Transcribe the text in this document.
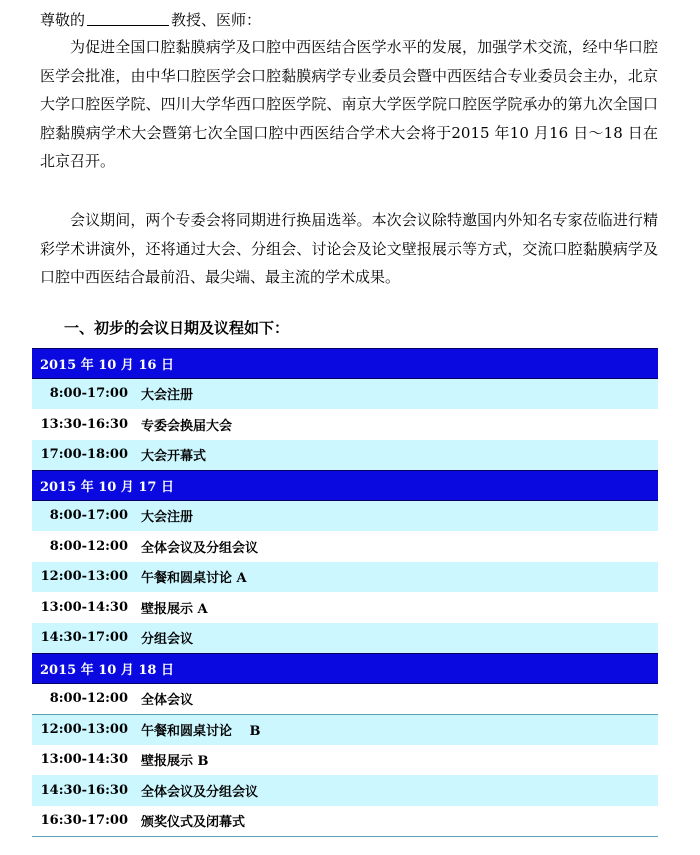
尊敬的	教授、医师：

为促进全国口腔黏膜病学及口腔中西医结合医学水平的发展，加强学术交流，经中华口腔医学会批准，由中华口腔医学会口腔黏膜病学专业委员会暨中西医结合专业委员会主办，北京大学口腔医学院、四川大学华西口腔医学院、南京大学医学院口腔医学院承办的第九次全国口腔黏膜病学术大会暨第七次全国口腔中西医结合学术大会将于2015 年10 月16 日～18 日在北京召开。

会议期间，两个专委会将同期进行换届选举。本次会议除特邀国内外知名专家莅临进行精彩学术讲演外，还将通过大会、分组会、讨论会及论文壁报展示等方式，交流口腔黏膜病学及口腔中西医结合最前沿、最尖端、最主流的学术成果。

一、初步的会议日期及议程如下：
2015 年 10 月 16 日
8:00-17:00	大会注册
13:30-16:30	专委会换届大会
17:00-18:00	大会开幕式
2015 年 10 月 17 日
8:00-17:00	大会注册
8:00-12:00	全体会议及分组会议
12:00-13:00	午餐和圆桌讨论 A
13:00-14:30	壁报展示 A
14:30-17:00	分组会议
2015 年 10 月 18 日
8:00-12:00	全体会议
12:00-13:00	午餐和圆桌讨论 　B
13:00-14:30	壁报展示 B
14:30-16:30	全体会议及分组会议
16:30-17:00	颁奖仪式及闭幕式
